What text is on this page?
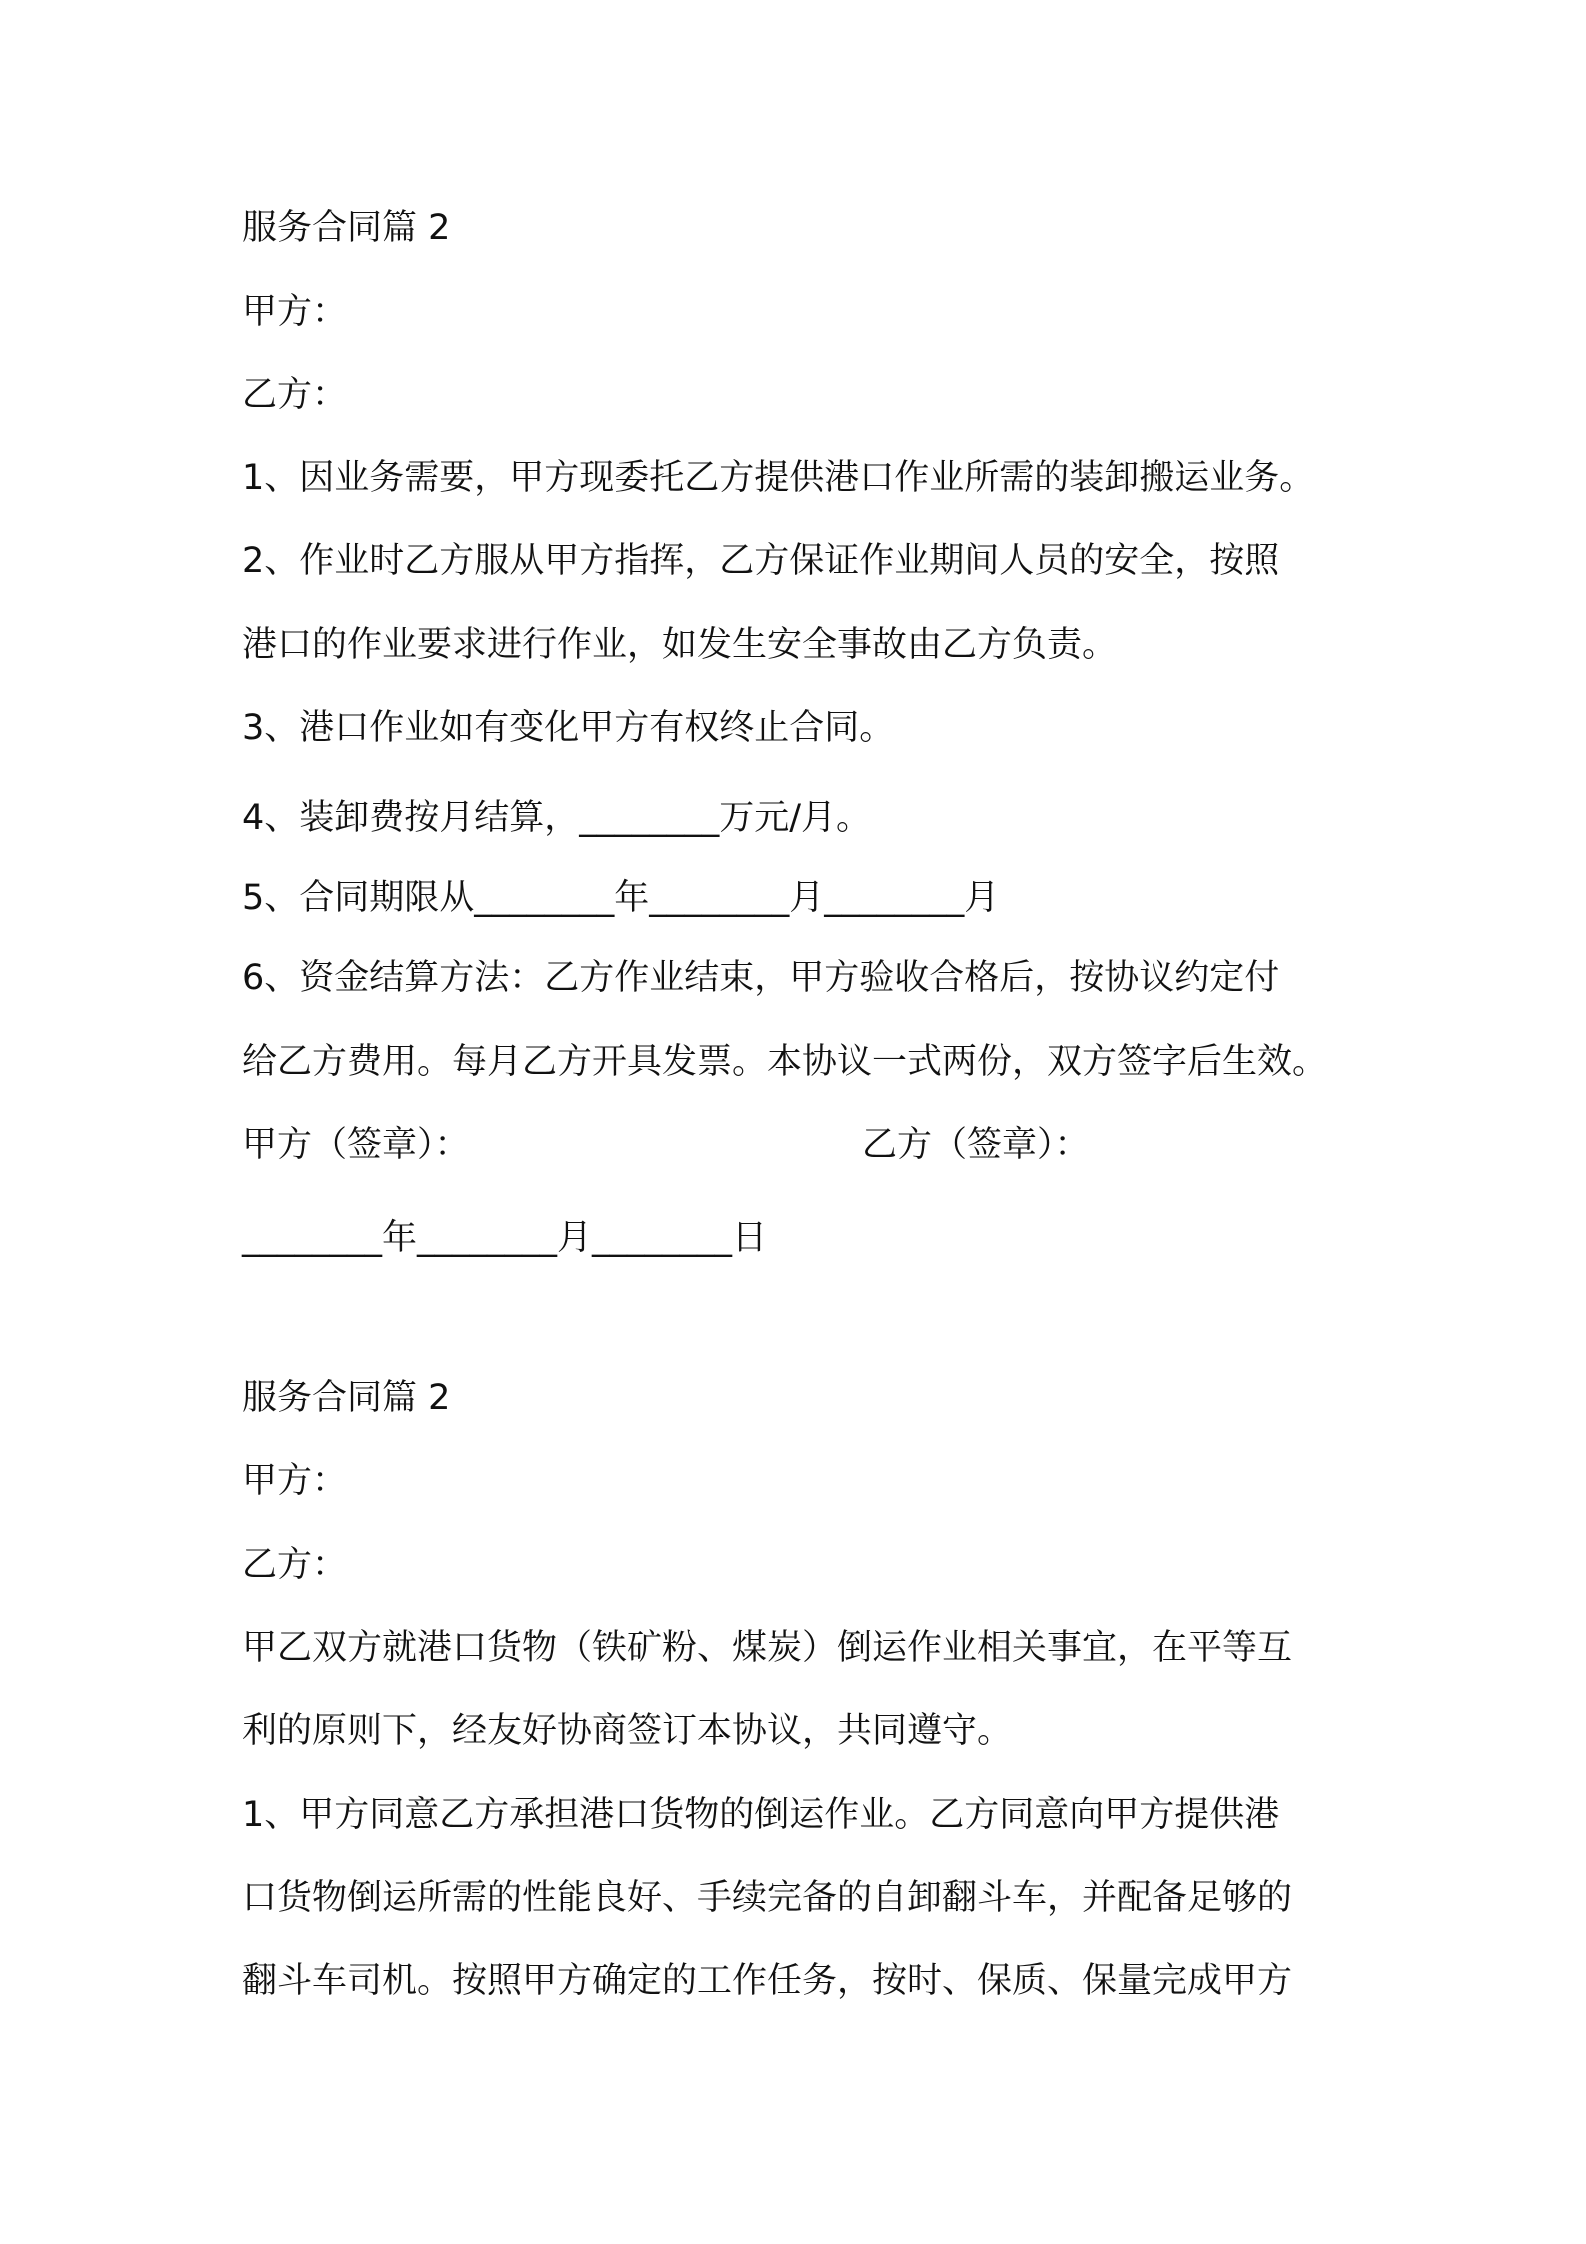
服务合同篇 2
甲方：
乙方：
1、因业务需要，甲方现委托乙方提供港口作业所需的装卸搬运业务。
2、作业时乙方服从甲方指挥，乙方保证作业期间人员的安全，按照
港口的作业要求进行作业，如发生安全事故由乙方负责。
3、港口作业如有变化甲方有权终止合同。
4、装卸费按月结算，________万元/月。
5、合同期限从________年________月________月
6、资金结算方法：乙方作业结束，甲方验收合格后，按协议约定付
给乙方费用。每月乙方开具发票。本协议一式两份，双方签字后生效。
甲方（签章）：	乙方（签章）：
________年________月________日
服务合同篇 2
甲方：
乙方：
甲乙双方就港口货物（铁矿粉、煤炭）倒运作业相关事宜，在平等互
利的原则下，经友好协商签订本协议，共同遵守。
1、甲方同意乙方承担港口货物的倒运作业。乙方同意向甲方提供港
口货物倒运所需的性能良好、手续完备的自卸翻斗车，并配备足够的
翻斗车司机。按照甲方确定的工作任务，按时、保质、保量完成甲方
